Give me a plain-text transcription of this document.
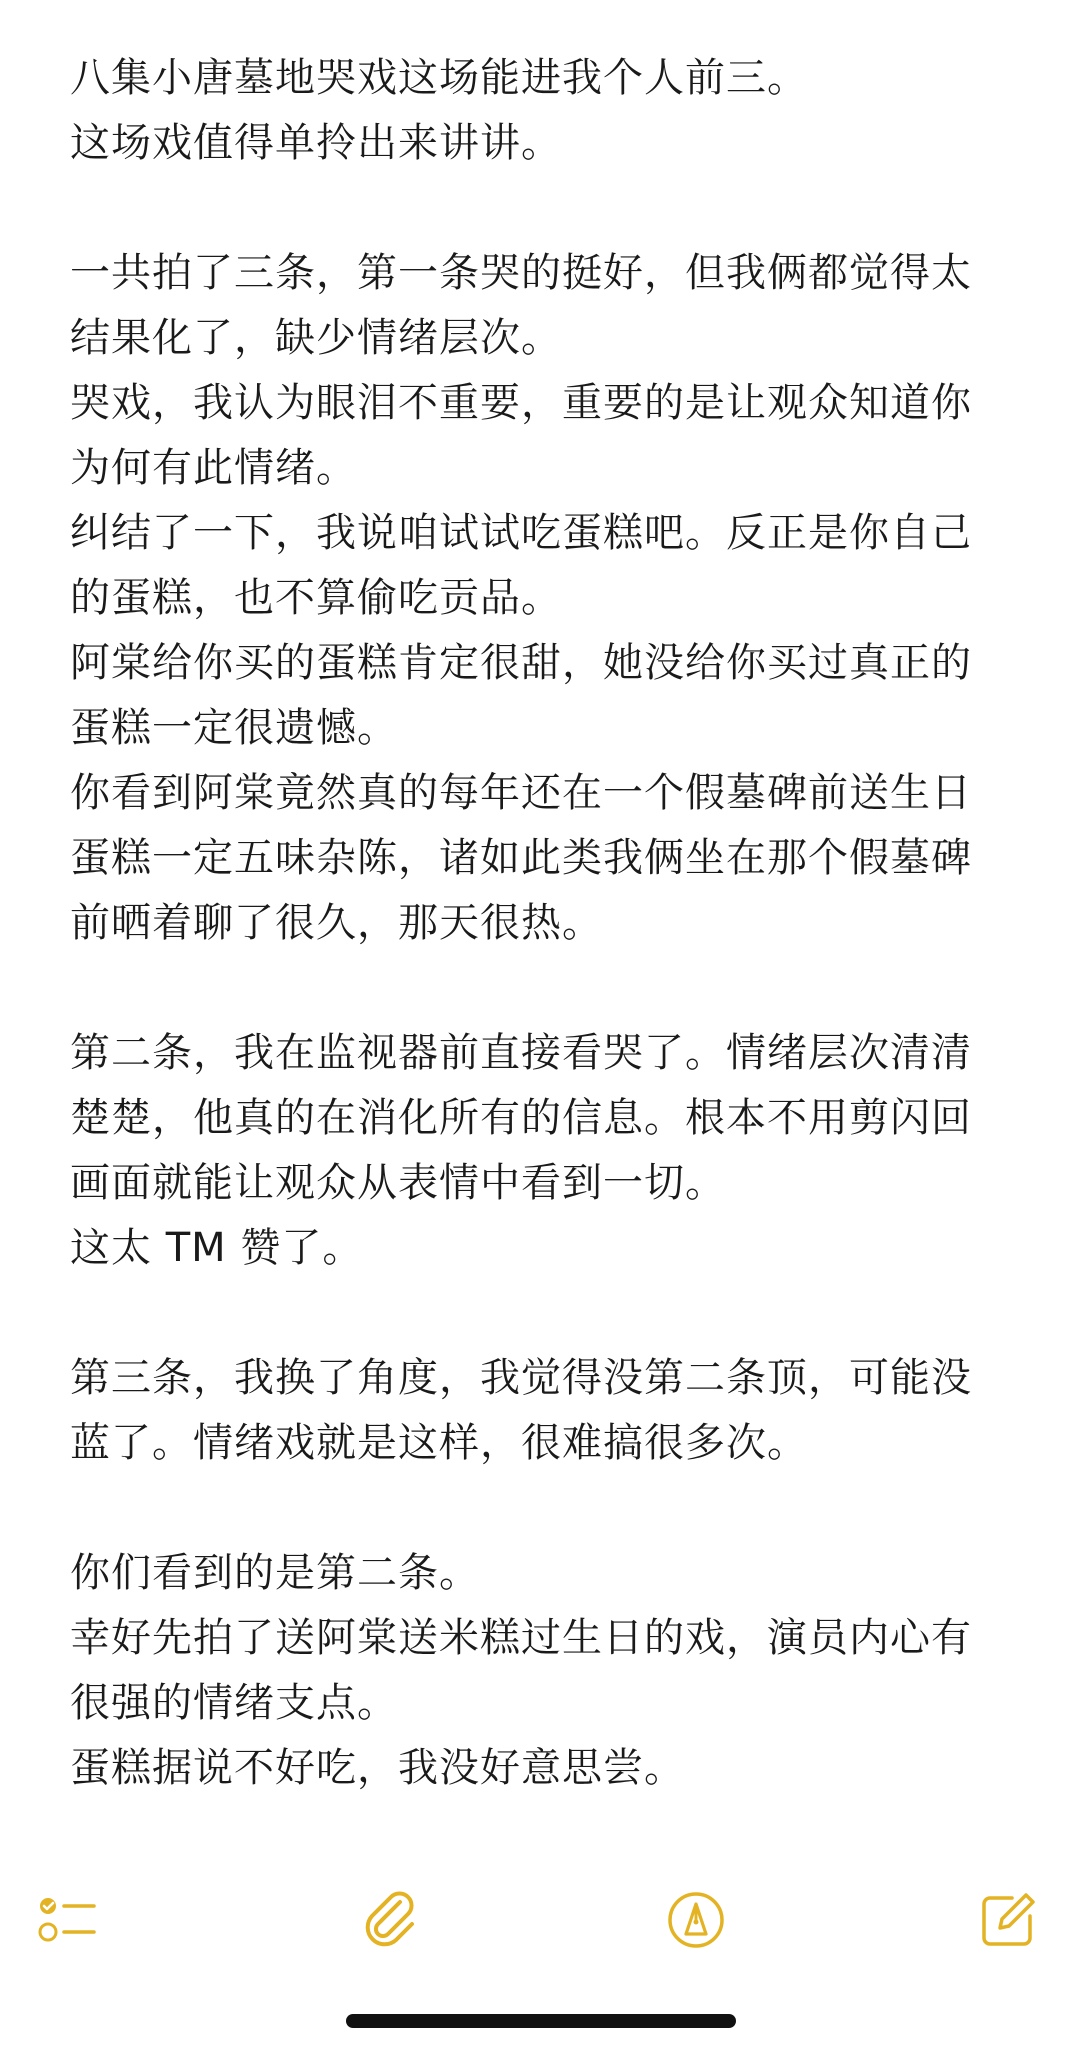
八集小唐墓地哭戏这场能进我个人前三。
这场戏值得单拎出来讲讲。
一共拍了三条，第一条哭的挺好，但我俩都觉得太
结果化了，缺少情绪层次。
哭戏，我认为眼泪不重要，重要的是让观众知道你
为何有此情绪。
纠结了一下，我说咱试试吃蛋糕吧。反正是你自己
的蛋糕，也不算偷吃贡品。
阿棠给你买的蛋糕肯定很甜，她没给你买过真正的
蛋糕一定很遗憾。
你看到阿棠竟然真的每年还在一个假墓碑前送生日
蛋糕一定五味杂陈，诸如此类我俩坐在那个假墓碑
前晒着聊了很久，那天很热。
第二条，我在监视器前直接看哭了。情绪层次清清
楚楚，他真的在消化所有的信息。根本不用剪闪回
画面就能让观众从表情中看到一切。
这太 TM 赞了。
第三条，我换了角度，我觉得没第二条顶，可能没
蓝了。情绪戏就是这样，很难搞很多次。
你们看到的是第二条。
幸好先拍了送阿棠送米糕过生日的戏，演员内心有
很强的情绪支点。
蛋糕据说不好吃，我没好意思尝。
